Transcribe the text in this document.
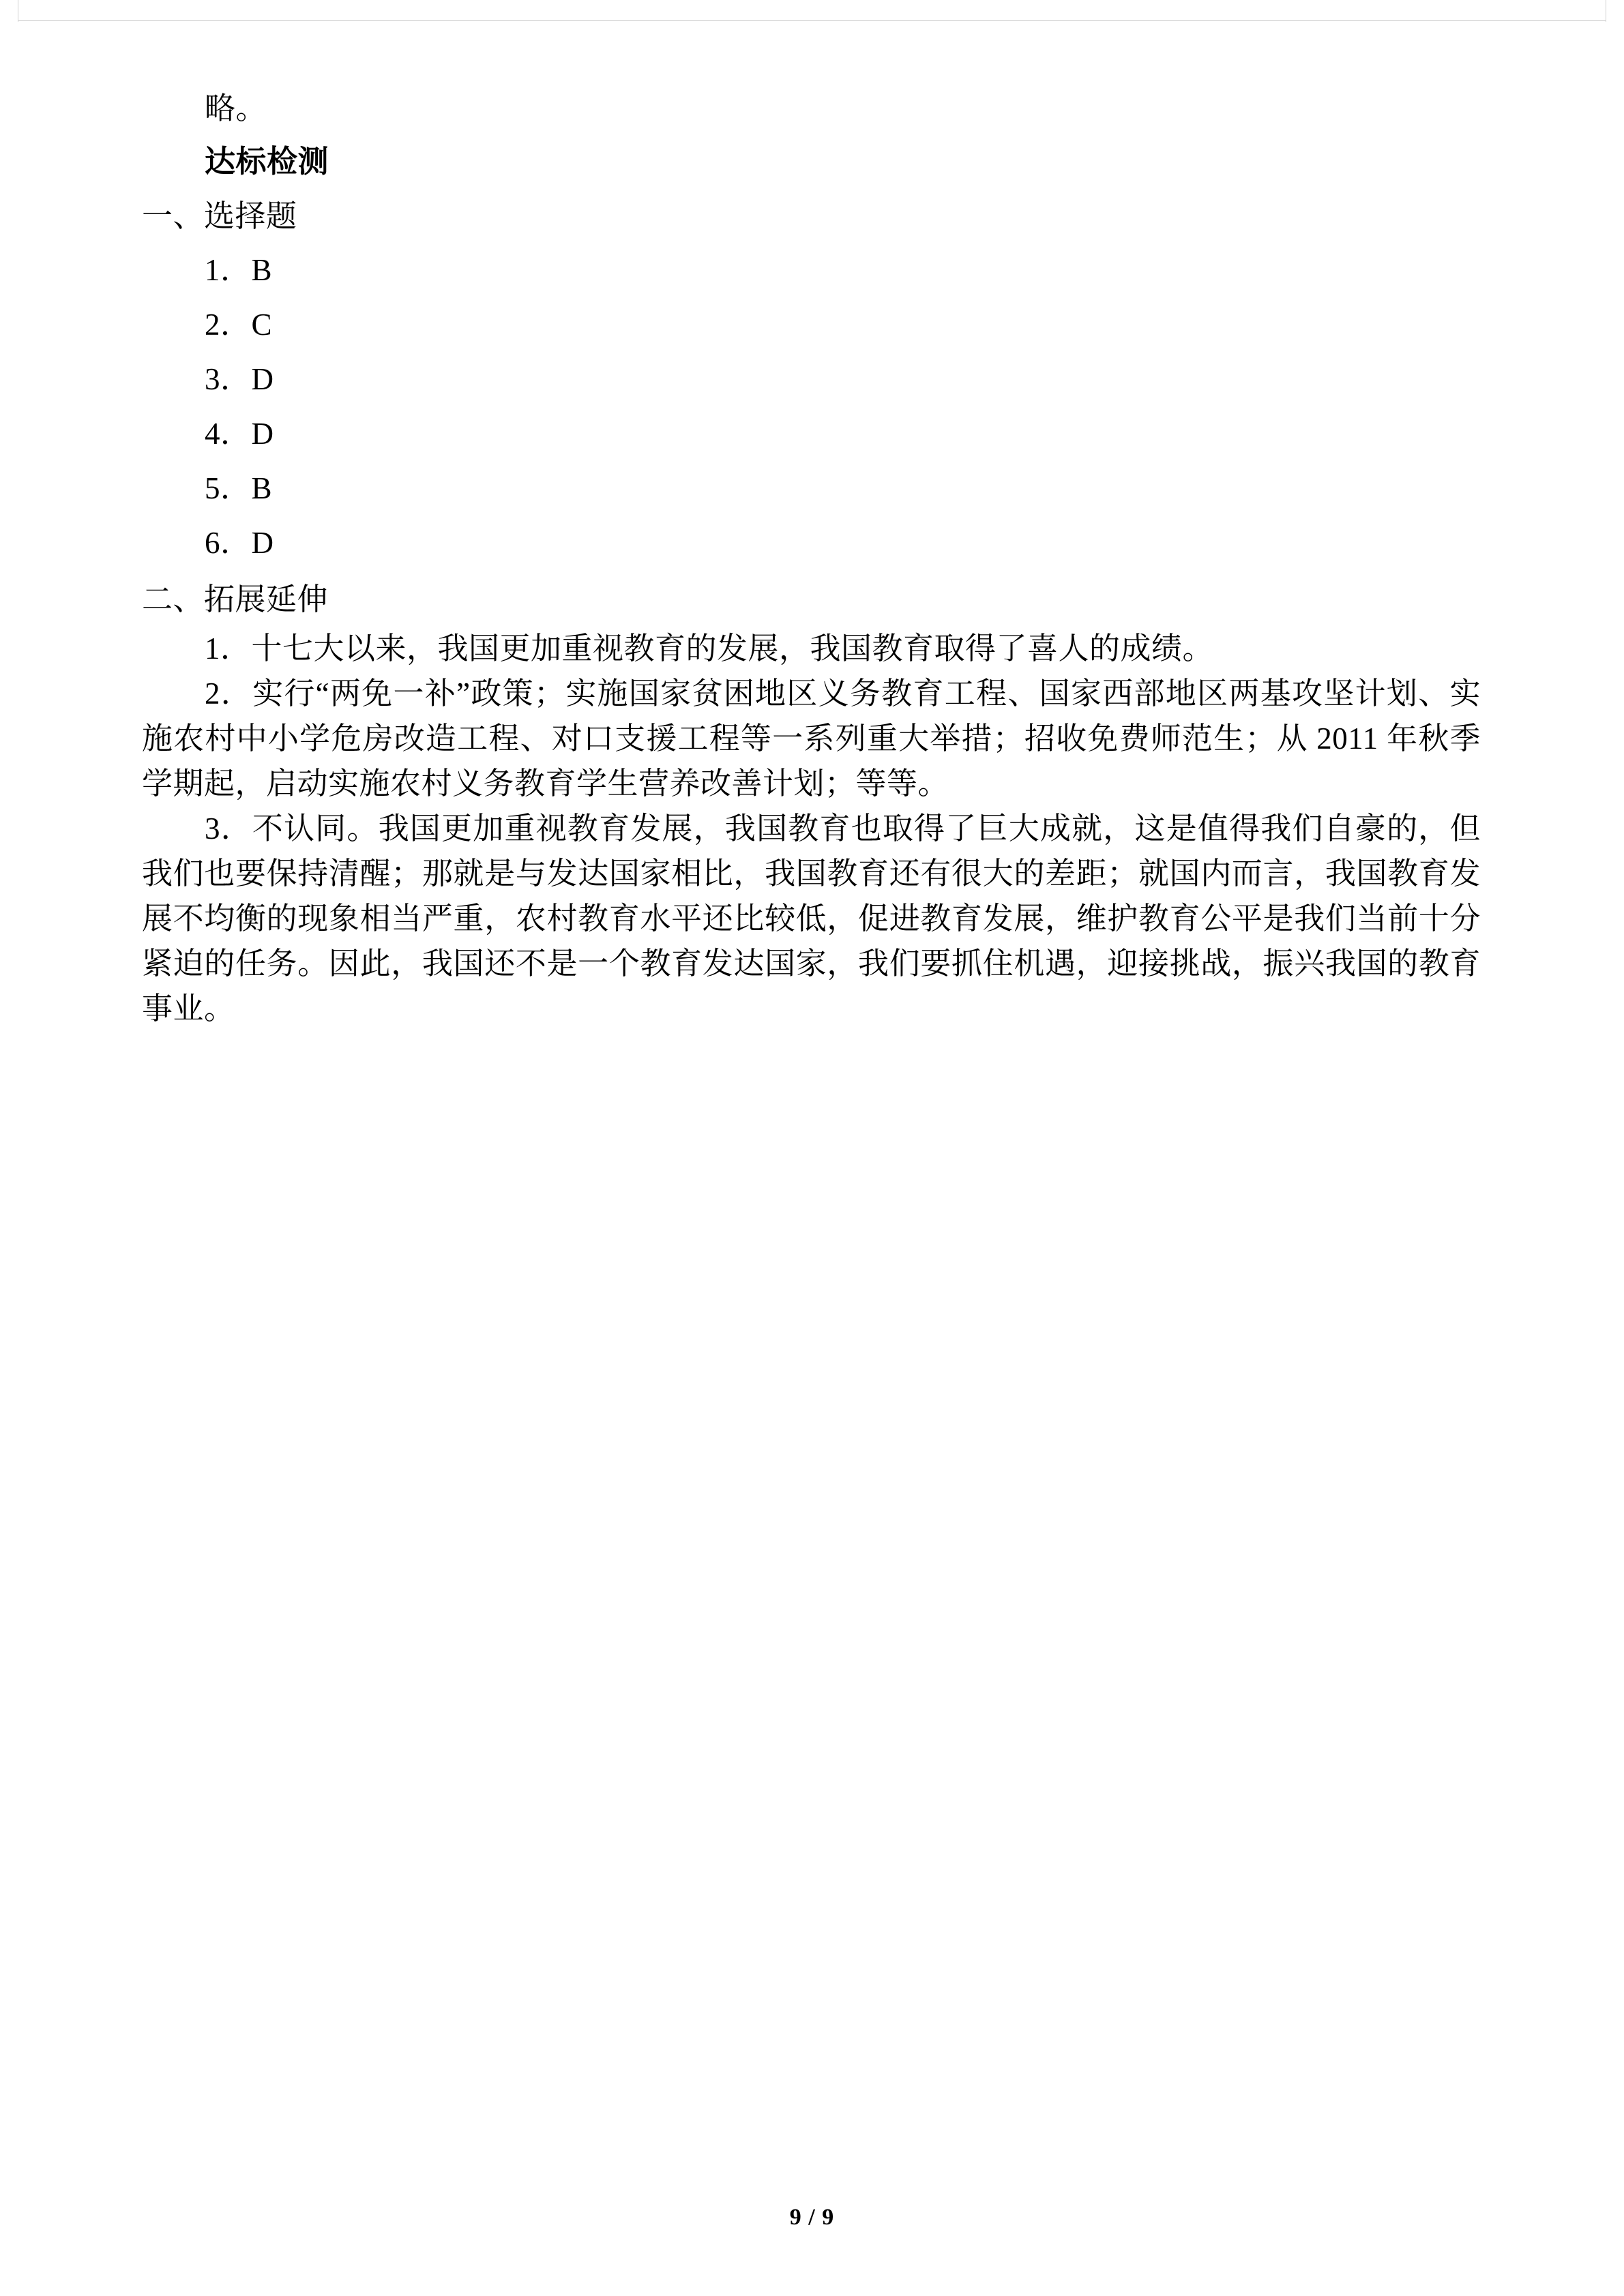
略。

达标检测

一、选择题

1．B
2．C
3．D
4．D
5．B
6．D

二、拓展延伸

1．十七大以来，我国更加重视教育的发展，我国教育取得了喜人的成绩。

2．实行“两免一补”政策；实施国家贫困地区义务教育工程、国家西部地区两基攻坚计划、实施农村中小学危房改造工程、对口支援工程等一系列重大举措；招收免费师范生；从 2011 年秋季学期起，启动实施农村义务教育学生营养改善计划；等等。

3．不认同。我国更加重视教育发展，我国教育也取得了巨大成就，这是值得我们自豪的，但我们也要保持清醒；那就是与发达国家相比，我国教育还有很大的差距；就国内而言，我国教育发展不均衡的现象相当严重，农村教育水平还比较低，促进教育发展，维护教育公平是我们当前十分紧迫的任务。因此，我国还不是一个教育发达国家，我们要抓住机遇，迎接挑战，振兴我国的教育事业。

9 / 9
